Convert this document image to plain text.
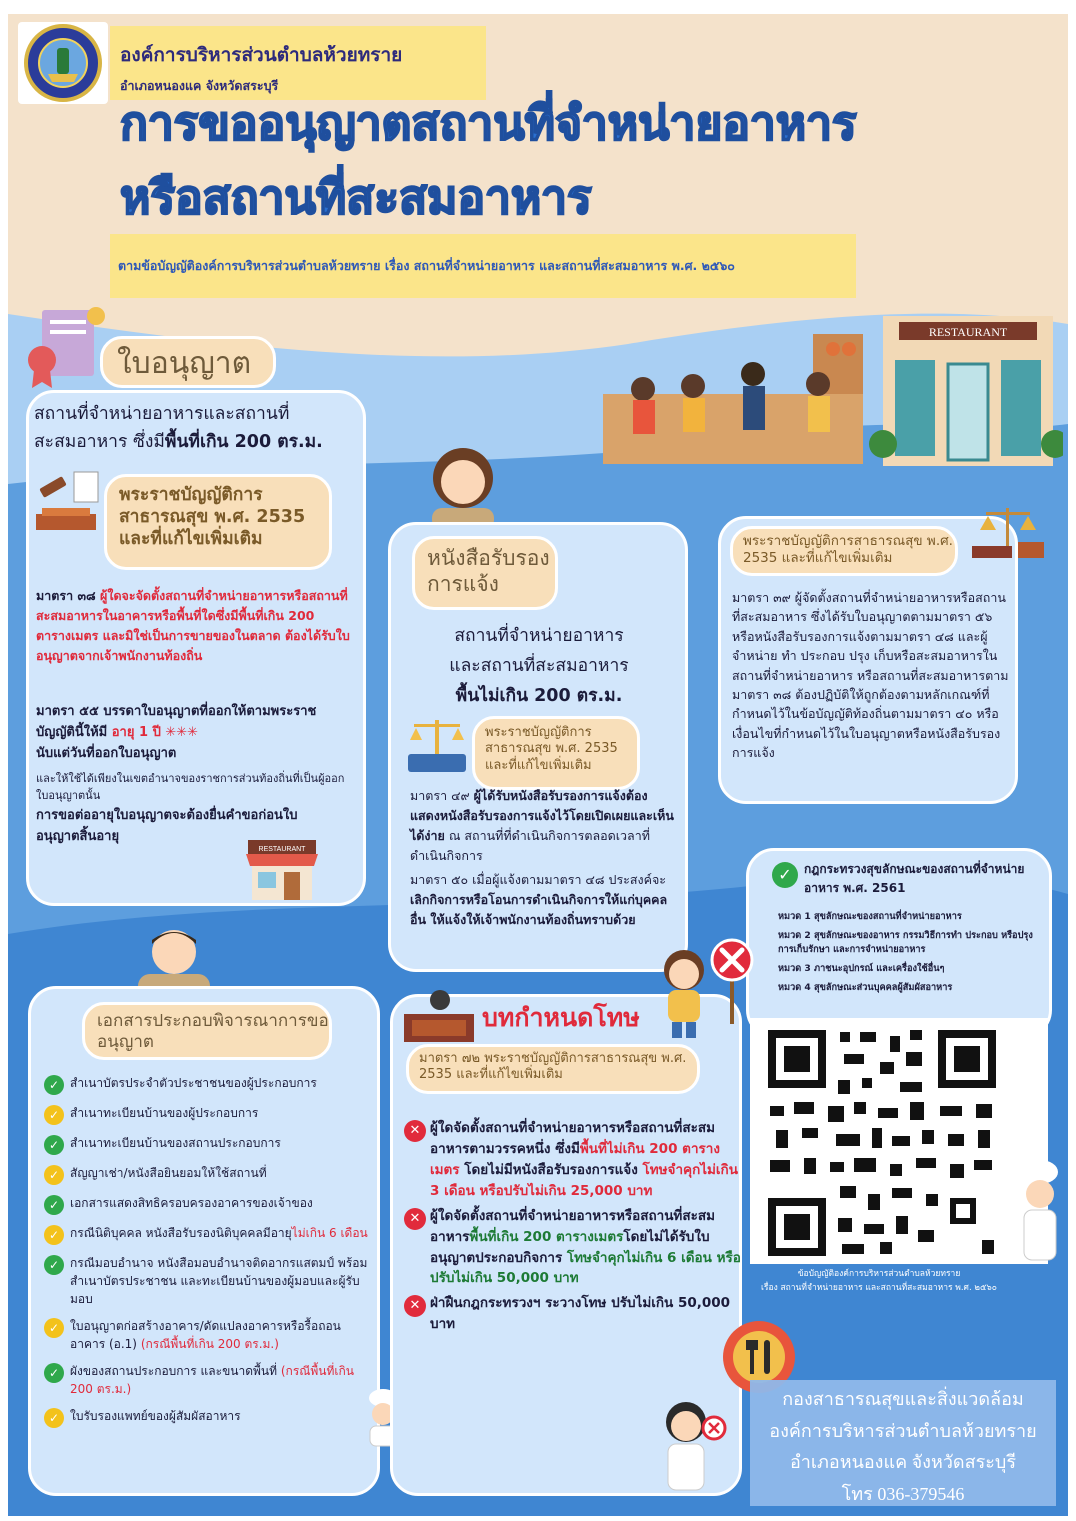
องค์การบริหารส่วนตำบลห้วยทราย
อำเภอหนองแค จังหวัดสระบุรี
การขออนุญาตสถานที่จำหน่ายอาหาร
หรือสถานที่สะสมอาหาร
ตามข้อบัญญัติองค์การบริหารส่วนตำบลห้วยทราย เรื่อง สถานที่จำหน่ายอาหาร และสถานที่สะสมอาหาร พ.ศ. ๒๕๖๐
RESTAURANT
ใบอนุญาต
สถานที่จำหน่ายอาหารและสถานที่
สะสมอาหาร ซึ่งมีพื้นที่เกิน 200 ตร.ม.
พระราชบัญญัติการสาธารณสุข พ.ศ. 2535 และที่แก้ไขเพิ่มเติม
มาตรา ๓๘ ผู้ใดจะจัดตั้งสถานที่จำหน่ายอาหารหรือสถานที่สะสมอาหารในอาคารหรือพื้นที่ใดซึ่งมีพื้นที่เกิน 200 ตารางเมตร และมิใช่เป็นการขายของในตลาด ต้องได้รับใบอนุญาตจากเจ้าพนักงานท้องถิ่น
มาตรา ๕๕ บรรดาใบอนุญาตที่ออกให้ตามพระราชบัญญัตินี้ให้มี อายุ 1 ปี ✳✳✳
นับแต่วันที่ออกใบอนุญาต
และให้ใช้ได้เพียงในเขตอำนาจของราชการส่วนท้องถิ่นที่เป็นผู้ออกใบอนุญาตนั้น
การขอต่ออายุใบอนุญาตจะต้องยื่นคำขอก่อนใบอนุญาตสิ้นอายุ
RESTAURANT
หนังสือรับรองการแจ้ง
สถานที่จำหน่ายอาหาร
และสถานที่สะสมอาหาร
พื้นไม่เกิน 200 ตร.ม.
พระราชบัญญัติการสาธารณสุข พ.ศ. 2535 และที่แก้ไขเพิ่มเติม
มาตรา ๔๙ ผู้ได้รับหนังสือรับรองการแจ้งต้องแสดงหนังสือรับรองการแจ้งไว้โดยเปิดเผยและเห็นได้ง่าย ณ สถานที่ที่ดำเนินกิจการตลอดเวลาที่ดำเนินกิจการ
มาตรา ๕๐ เมื่อผู้แจ้งตามมาตรา ๔๘ ประสงค์จะเลิกกิจการหรือโอนการดำเนินกิจการให้แก่บุคคลอื่น ให้แจ้งให้เจ้าพนักงานท้องถิ่นทราบด้วย
พระราชบัญญัติการสาธารณสุข พ.ศ. 2535 และที่แก้ไขเพิ่มเติม
มาตรา ๓๙ ผู้จัดตั้งสถานที่จำหน่ายอาหารหรือสถานที่สะสมอาหาร ซึ่งได้รับใบอนุญาตตามมาตรา ๕๖ หรือหนังสือรับรองการแจ้งตามมาตรา ๔๘ และผู้จำหน่าย ทำ ประกอบ ปรุง เก็บหรือสะสมอาหารในสถานที่จำหน่ายอาหาร หรือสถานที่สะสมอาหารตามมาตรา ๓๘ ต้องปฏิบัติให้ถูกต้องตามหลักเกณฑ์ที่กำหนดไว้ในข้อบัญญัติท้องถิ่นตามมาตรา ๔๐ หรือเงื่อนไขที่กำหนดไว้ในใบอนุญาตหรือหนังสือรับรองการแจ้ง
✓	กฎกระทรวงสุขลักษณะของสถานที่จำหน่ายอาหาร พ.ศ. 2561
หมวด 1 สุขลักษณะของสถานที่จำหน่ายอาหาร
หมวด 2 สุขลักษณะของอาหาร กรรมวิธีการทำ ประกอบ หรือปรุง การเก็บรักษา และการจำหน่ายอาหาร
หมวด 3 ภาชนะอุปกรณ์ และเครื่องใช้อื่นๆ
หมวด 4 สุขลักษณะส่วนบุคคลผู้สัมผัสอาหาร
เอกสารประกอบพิจารณาการขออนุญาต
✓ สำเนาบัตรประจำตัวประชาชนของผู้ประกอบการ
✓ สำเนาทะเบียนบ้านของผู้ประกอบการ
✓ สำเนาทะเบียนบ้านของสถานประกอบการ
✓ สัญญาเช่า/หนังสือยินยอมให้ใช้สถานที่
✓ เอกสารแสดงสิทธิครอบครองอาคารของเจ้าของ
✓ กรณีนิติบุคคล หนังสือรับรองนิติบุคคลมีอายุไม่เกิน 6 เดือน
✓ กรณีมอบอำนาจ หนังสือมอบอำนาจติดอากรแสตมป์ พร้อมสำเนาบัตรประชาชน และทะเบียนบ้านของผู้มอบและผู้รับมอบ
✓ ใบอนุญาตก่อสร้างอาคาร/ดัดแปลงอาคารหรือรื้อถอนอาคาร (อ.1) (กรณีพื้นที่เกิน 200 ตร.ม.)
✓ ผังของสถานประกอบการ และขนาดพื้นที่ (กรณีพื้นที่เกิน 200 ตร.ม.)
✓ ใบรับรองแพทย์ของผู้สัมผัสอาหาร
บทกำหนดโทษ
มาตรา ๗๒ พระราชบัญญัติการสาธารณสุข พ.ศ. 2535 และที่แก้ไขเพิ่มเติม
✕ ผู้ใดจัดตั้งสถานที่จำหน่ายอาหารหรือสถานที่สะสมอาหารตามวรรคหนึ่ง ซึ่งมีพื้นที่ไม่เกิน 200 ตารางเมตร โดยไม่มีหนังสือรับรองการแจ้ง โทษจำคุกไม่เกิน 3 เดือน หรือปรับไม่เกิน 25,000 บาท
✕ ผู้ใดจัดตั้งสถานที่จำหน่ายอาหารหรือสถานที่สะสมอาหารพื้นที่เกิน 200 ตารางเมตรโดยไม่ได้รับใบอนุญาตประกอบกิจการ โทษจำคุกไม่เกิน 6 เดือน หรือปรับไม่เกิน 50,000 บาท
✕ ฝ่าฝืนกฎกระทรวงฯ ระวางโทษ ปรับไม่เกิน 50,000 บาท
ข้อบัญญัติองค์การบริหารส่วนตำบลห้วยทราย
เรื่อง สถานที่จำหน่ายอาหาร และสถานที่สะสมอาหาร พ.ศ. ๒๕๖๐
กองสาธารณสุขและสิ่งแวดล้อม
องค์การบริหารส่วนตำบลห้วยทราย
อำเภอหนองแค จังหวัดสระบุรี
โทร 036-379546
